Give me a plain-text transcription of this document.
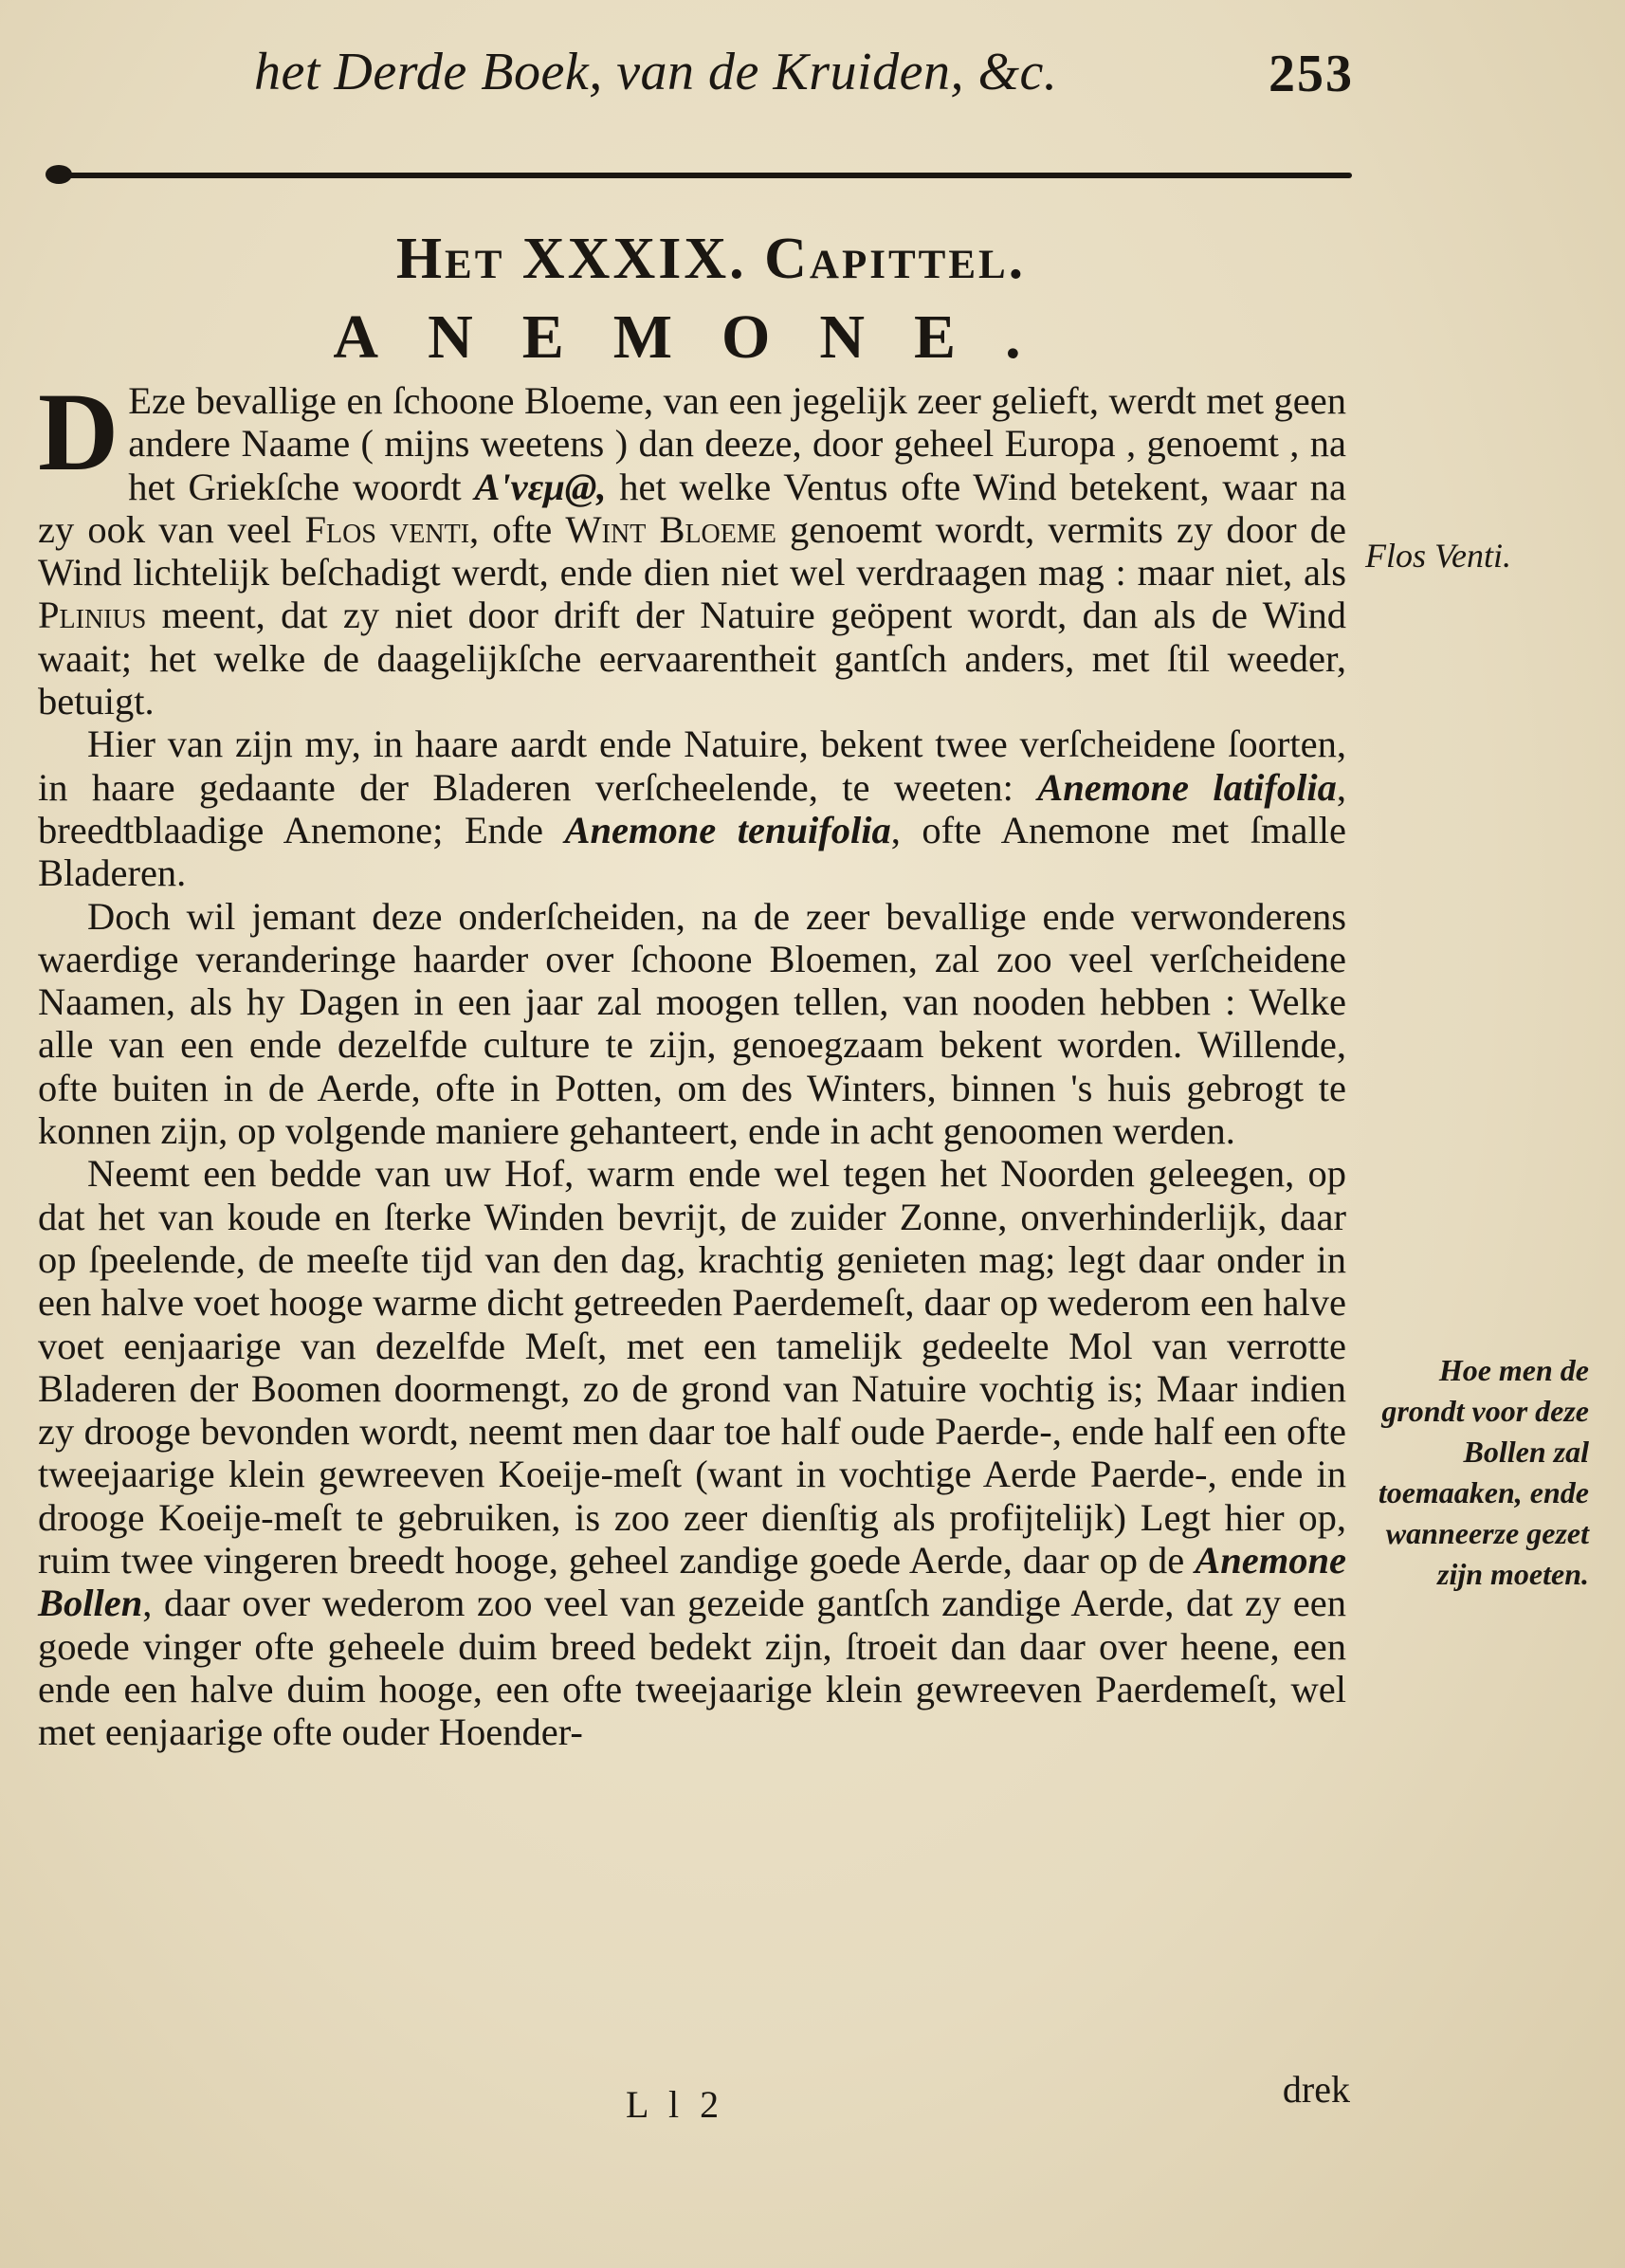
het Derde Boek, van de Kruiden, &c.	253
Het XXXIX. Capittel.
ANEMONE.

D Eze bevallige en ſchoone Bloeme, van een jegelijk zeer gelieft, werdt met geen andere Naame ( mijns weetens ) dan deeze, door geheel Europa , genoemt , na het Griekſche woordt Α'νεμ@, het welke Ventus ofte Wind betekent, waar na zy ook van veel Flos venti, ofte Wint Bloeme genoemt wordt, vermits zy door de Wind lichtelijk beſchadigt werdt, ende dien niet wel verdraagen mag : maar niet, als Plinius meent, dat zy niet door drift der Natuire geöpent wordt, dan als de Wind waait; het welke de daagelijkſche eervaarentheit gantſch anders, met ſtil weeder, betuigt.

Hier van zijn my, in haare aardt ende Natuire, bekent twee verſcheidene ſoorten, in haare gedaante der Bladeren verſcheelende, te weeten: Anemone latifolia, breedtblaadige Anemone; Ende Anemone tenuifolia, ofte Anemone met ſmalle Bladeren.

Doch wil jemant deze onderſcheiden, na de zeer bevallige ende verwonderens waerdige veranderinge haarder over ſchoone Bloemen, zal zoo veel verſcheidene Naamen, als hy Dagen in een jaar zal moogen tellen, van nooden hebben : Welke alle van een ende dezelfde culture te zijn, genoegzaam bekent worden. Willende, ofte buiten in de Aerde, ofte in Potten, om des Winters, binnen 's huis gebrogt te konnen zijn, op volgende maniere gehanteert, ende in acht genoomen werden.

Neemt een bedde van uw Hof, warm ende wel tegen het Noorden geleegen, op dat het van koude en ſterke Winden bevrijt, de zuider Zonne, onverhinderlijk, daar op ſpeelende, de meeſte tijd van den dag, krachtig genieten mag; legt daar onder in een halve voet hooge warme dicht getreeden Paerdemeſt, daar op wederom een halve voet eenjaarige van dezelfde Meſt, met een tamelijk gedeelte Mol van verrotte Bladeren der Boomen doormengt, zo de grond van Natuire vochtig is; Maar indien zy drooge bevonden wordt, neemt men daar toe half oude Paerde-, ende half een ofte tweejaarige klein gewreeven Koeije-meſt (want in vochtige Aerde Paerde-, ende in drooge Koeije-meſt te gebruiken, is zoo zeer dienſtig als profijtelijk) Legt hier op, ruim twee vingeren breedt hooge, geheel zandige goede Aerde, daar op de Anemone Bollen, daar over wederom zoo veel van gezeide gantſch zandige Aerde, dat zy een goede vinger ofte geheele duim breed bedekt zijn, ſtroeit dan daar over heene, een ende een halve duim hooge, een ofte tweejaarige klein gewreeven Paerdemeſt, wel met eenjaarige ofte ouder Hoender-

Flos Venti.
Hoe men de grondt voor deze Bollen zal toemaaken, ende wanneerze gezet zijn moeten.
L l 2	drek
